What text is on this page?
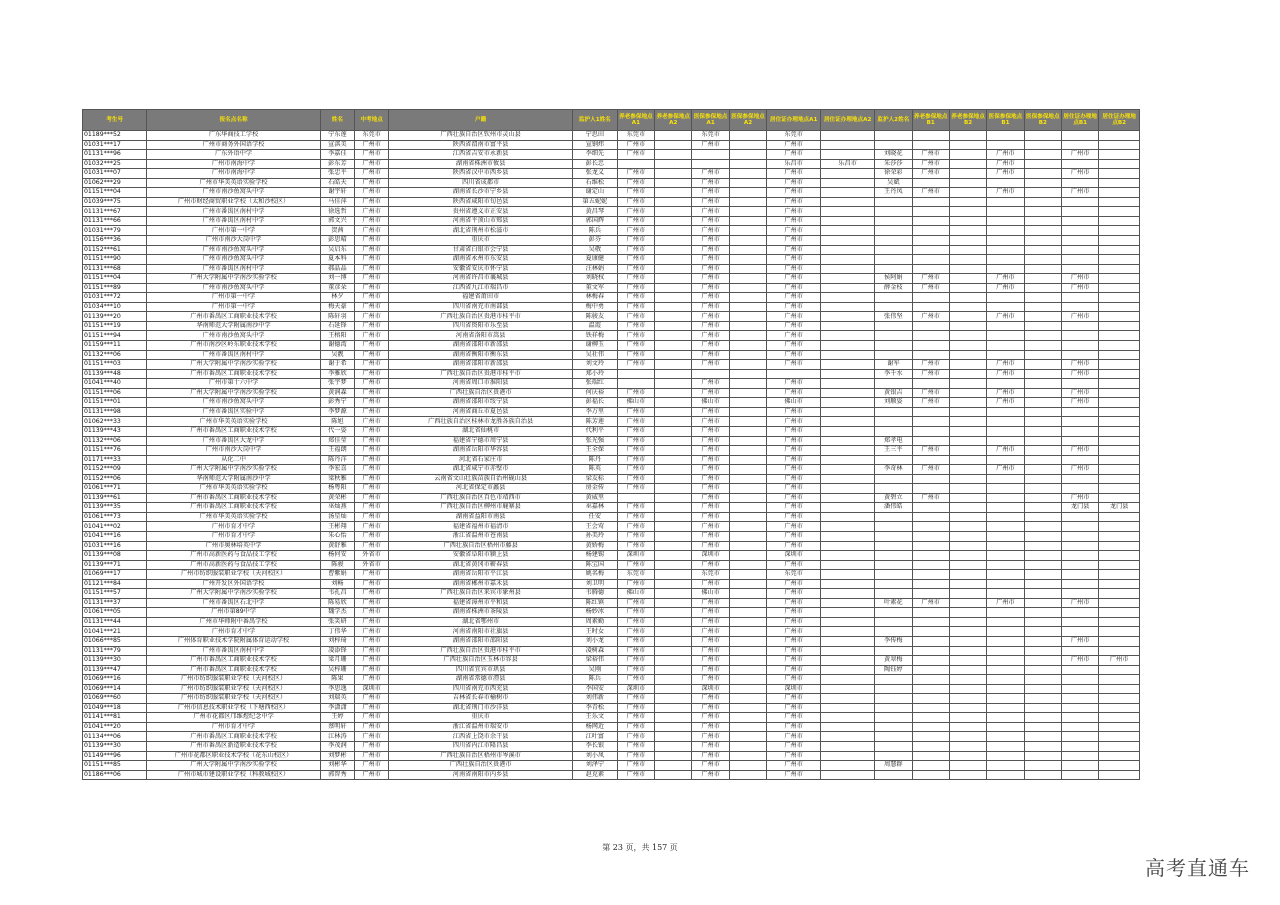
考生号	报名点名称	姓名	中考地点	户籍	监护人1姓名	养老参保地点A1	养老参保地点A2	医保参保地点A1	医保参保地点A2	居住证办理地点A1	居住证办理地点A2	监护人2姓名	养老参保地点B1	养老参保地点B2	医保参保地点B1	医保参保地点B2	居住证办理地点B1	居住证办理地点B2
01189***52	广东华商技工学校	宁东莲	东莞市	广西壮族自治区钦州市灵山县	宁思田	东莞市		东莞市		东莞市								
01031***17	广州市商务外国语学校	宣淇美	广州市	陕西省渭南市富平县	宣钢炜	广州市		广州市		广州市								
01131***96	广东外语中学	李嘉佳	广州市	江西省吉安市永新县	李细先	广州市				广州市		刘晓花	广州市		广州市		广州市	
01032***25	广州市南海中学	彭东芳	广州市	湖南省株洲市攸县	彭长忠					乐昌市	乐昌市	朱莎莎	广州市		广州市			
01031***07	广州市南海中学	张忠平	广州市	陕西省汉中市西乡县	张龙义	广州市		广州市		广州市		徐荣彩	广州市		广州市		广州市	
01062***29	广州市华美英语实验学校	石皓天	广州市	四川省成都市	石维松	广州市		广州市		广州市		吴斌						
01151***04	广州市南沙鱼窝头中学	谢宇轩	广州市	湖南省长沙市宁乡县	谢定山	广州市		广州市		广州市		王丹凤	广州市		广州市		广州市	
01039***75	广州市财经商贸职业学校（太和沙校区）	马佳萍	广州市	陕西省咸阳市旬邑县	第五妮妮	广州市		广州市		广州市								
01131***67	广州市番禺区南村中学	徐选哲	广州市	贵州省遵义市正安县	黄昌琴	广州市		广州市		广州市								
01131***66	广州市番禺区南村中学	郭文兴	广州市	河南省平顶山市郏县	郭国辉	广州市		广州市		广州市								
01031***79	广州市第一中学	贺茜	广州市	湖北省荆州市松滋市	陈兵	广州市		广州市		广州市								
01156***36	广州市南沙大岗中学	彭思晴	广州市	重庆市	彭芬	广州市		广州市		广州市								
01152***61	广州市南沙鱼窝头中学	吴启东	广州市	甘肃省白银市会宁县	吴敬	广州市		广州市		广州市								
01151***90	广州市南沙鱼窝头中学	夏本科	广州市	湖南省永州市东安县	夏康健	广州市		广州市		广州市								
01131***68	广州市番禺区南村中学	郝晶晶	广州市	安徽省安庆市怀宁县	汪林娟	广州市		广州市		广州市								
01151***04	广州大学附属中学南沙实验学校	刘一博	广州市	河南省许昌市襄城县	刘晓权	广州市		广州市		广州市		侯阿娟	广州市		广州市		广州市	
01151***89	广州市南沙鱼窝头中学	董彦朵	广州市	江西省九江市瑞昌市	董文军	广州市		广州市		广州市		薛金枝	广州市		广州市		广州市	
01031***72	广州市第一中学	林夕	广州市	福建省莆田市	林梅春	广州市		广州市		广州市								
01034***10	广州市第一中学	梅天豪	广州市	四川省南充市南部县	梅中勇	广州市		广州市		广州市								
01139***20	广州市番禺区工商职业技术学校	陈轩羽	广州市	广西壮族自治区贵港市桂平市	陈骏友	广州市		广州市		广州市		张伟坚	广州市		广州市		广州市	
01151***19	华南师范大学附属南沙中学	石延锋	广州市	四川省资阳市乐至县	温霞	广州市		广州市		广州市								
01151***94	广州市南沙鱼窝头中学	王榕阳	广州市	河南省洛阳市嵩县	铁祥梅	广州市		广州市		广州市								
01159***11	广州市南沙区岭东职业技术学校	谢德湾	广州市	湖南省邵阳市新邵县	谢柳玉	广州市		广州市		广州市								
01132***06	广州市番禺区南村中学	吴靓	广州市	湖南省衡阳市衡东县	吴社伟	广州市		广州市		广州市								
01151***03	广州大学附属中学南沙实验学校	谢于希	广州市	湖南省邵阳市新邵县	刘文玲	广州市		广州市		广州市		谢军	广州市		广州市		广州市	
01139***48	广州市番禺区工商职业技术学校	李雅欣	广州市	广西壮族自治区贵港市桂平市	郑小玲							李千水	广州市		广州市		广州市	
01041***40	广州市第十六中学	张宇梦	广州市	河南省周口市淮阳县	张瑞红			广州市		广州市								
01151***06	广州大学附属中学南沙实验学校	黄润森	广州市	广西壮族自治区贵港市	何庆裕	广州市		广州市		广州市		黄银吉	广州市		广州市		广州市	
01151***01	广州市南沙鱼窝头中学	彭秀宁	广州市	湖南省邵阳市绥宁县	彭福长	佛山市		佛山市		佛山市		刘顺姿	广州市		广州市		广州市	
01131***98	广州市番禺区实验中学	李梦源	广州市	河南省商丘市夏邑县	李万里	广州市		广州市		广州市								
01062***33	广州市华美英语实验学校	陈旭	广州市	广西壮族自治区桂林市龙胜各族自治县	陈芳莲	广州市		广州市		广州市								
01139***43	广州市番禺区工商职业技术学校	代一姿	广州市	湖北省仙桃市	代利平	广州市		广州市		广州市								
01132***06	广州市番禺区大龙中学	郑佳莹	广州市	福建省宁德市周宁县	张光强	广州市		广州市		广州市		郑孝电						
01151***76	广州市南沙大岗中学	王福朗	广州市	湖南省岳阳市华容县	王全保	广州市		广州市		广州市		王三平	广州市		广州市		广州市	
01171***33	从化二中	陈丹洋	广州市	河北省石家庄市	陈丹	广州市		广州市		广州市								
01152***09	广州大学附属中学南沙实验学校	李宏喜	广州市	湖北省咸宁市赤壁市	陈英	广州市		广州市		广州市		李奇林	广州市		广州市		广州市	
01152***06	华南师范大学附属南沙中学	梁秋雅	广州市	云南省文山壮族苗族自治州砚山县	梁友标	广州市		广州市		广州市								
01061***71	广州市华美英语实验学校	杨粤阳	广州市	河北省保定市蠡县	房金传	广州市		广州市		广州市								
01139***61	广州市番禺区工商职业技术学校	黄荣彬	广州市	广西壮族自治区百色市靖西市	黄威里			广州市		广州市		黄碧立	广州市				广州市	
01139***35	广州市番禺区工商职业技术学校	巫灿燕	广州市	广西壮族自治区柳州市鹿寨县	巫嘉林	广州市		广州市		广州市		潘伟皓					龙门县	龙门县
01061***73	广州市华美英语实验学校	汤星灿	广州市	湖南省益阳市南县	任安	广州市		广州市		广州市								
01041***02	广州市育才中学	王彬翔	广州市	福建省福州市福清市	王会莺	广州市		广州市		广州市								
01041***16	广州市育才中学	朱心怡	广州市	浙江省温州市苍南县	孙美玲	广州市		广州市		广州市								
01031***16	广州市奥林培英中学	黄舒雅	广州市	广西壮族自治区梧州市藤县	黄娇梅	广州市		广州市		广州市								
01139***08	广州市高新医药与食品技工学校	杨何安	外省市	安徽省阜阳市颍上县	杨建锡	深圳市		深圳市		深圳市								
01139***71	广州市高新医药与食品技工学校	陈骏	外省市	湖北省黄冈市蕲春县	陈宝国	广州市		广州市		广州市								
01069***17	广州市纺织服装职业学校（天河校区）	曹紫娟	广州市	湖南省岳阳市平江县	姚名梅	东莞市		东莞市		东莞市								
01121***84	广州开发区外国语学校	刘畅	广州市	湖南省郴州市嘉禾县	刘卫明	广州市		广州市		广州市								
01151***57	广州大学附属中学南沙实验学校	韦孔昌	广州市	广西壮族自治区来宾市象州县	韦腾德	佛山市		佛山市		广州市								
01131***37	广州市番禺区石北中学	陈易欣	广州市	福建省漳州市平和县	陈红镇	广州市		广州市		广州市		叶素花	广州市		广州市		广州市	
01061***05	广州市第89中学	魏学杰	广州市	湖南省株洲市茶陵县	杨妙冰	广州市		广州市		广州市								
01131***44	广州市华师附中番禺学校	张笑研	广州市	湖北省鄂州市	周素勤	广州市		广州市		广州市								
01041***21	广州市育才中学	丁伟华	广州市	河南省南阳市社旗县	王时女	广州市		广州市		广州市								
01066***85	广州体育职业技术学院附属体育运动学校	刘梓琦	广州市	湖南省邵阳市邵阳县	刘小龙	广州市		广州市		广州市		李传梅					广州市	
01131***79	广州市番禺区南村中学	凌添锋	广州市	广西壮族自治区贵港市桂平市	凌树森	广州市		广州市		广州市								
01139***30	广州市番禺区工商职业技术学校	梁月珊	广州市	广西壮族自治区玉林市容县	梁裕伟	广州市		广州市		广州市		黄翠梅					广州市	广州市
01139***47	广州市番禺区工商职业技术学校	吴梓珊	广州市	四川省宜宾市珙县	吴刚	广州市		广州市		广州市		陶钰婷						
01069***16	广州市纺织服装职业学校（天河校区）	陈果	广州市	湖南省常德市澧县	陈兵	广州市		广州市		广州市								
01069***14	广州市纺织服装职业学校（天河校区）	李思逸	深圳市	四川省南充市西充县	李国安	深圳市		深圳市		深圳市								
01069***60	广州市纺织服装职业学校（天河校区）	刘瑞英	广州市	吉林省长春市榆树市	刘伟新	广州市		广州市		广州市								
01049***18	广州市信息技术职业学校（下塘西校区）	李潇潇	广州市	湖北省荆门市沙洋县	李青松	广州市		广州市		广州市								
01141***81	广州市花都区邝维煜纪念中学	王婷	广州市	重庆市	王乐文	广州市		广州市		广州市								
01041***20	广州市育才中学	蔡明轩	广州市	浙江省温州市瑞安市	杨网近	广州市		广州市		广州市								
01134***06	广州市番禺区工商职业技术学校	江林涛	广州市	江西省上饶市余干县	江叶富	广州市		广州市		广州市								
01139***30	广州市番禺区新造职业技术学校	李茂润	广州市	四川省内江市隆昌县	李长银	广州市		广州市		广州市								
01149***96	广州市花都区职业技术学校（花东山校区）	刘梦彬	广州市	广西壮族自治区梧州市岑溪市	刘小凤	广州市		广州市		广州市								
01151***85	广州大学附属中学南沙实验学校	刘彬华	广州市	广西壮族自治区贵港市	刘泽宁	广州市		广州市		广州市		周慧群						
01186***06	广州市城市建设职业学校（科教城校区）	郭智秀	广州市	河南省南阳市内乡县	赵克素	广州市		广州市		广州市								
第 23 页，共 157 页
高考直通车
